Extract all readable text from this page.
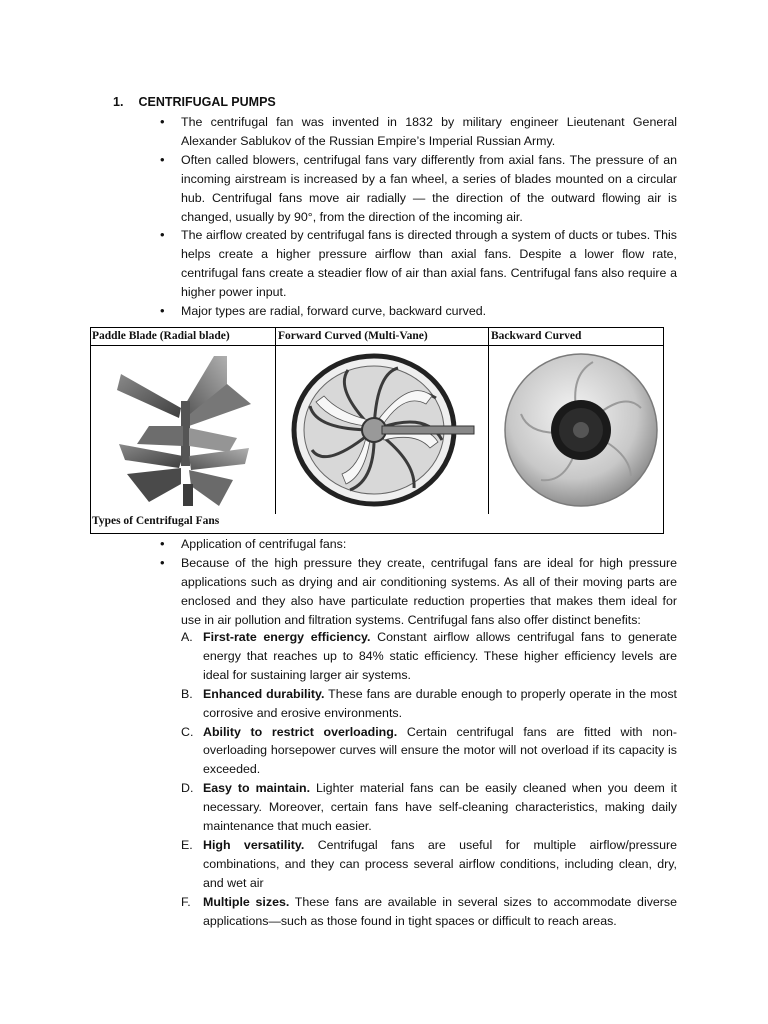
1. CENTRIFUGAL PUMPS
• The centrifugal fan was invented in 1832 by military engineer Lieutenant General Alexander Sablukov of the Russian Empire’s Imperial Russian Army.
• Often called blowers, centrifugal fans vary differently from axial fans. The pressure of an incoming airstream is increased by a fan wheel, a series of blades mounted on a circular hub. Centrifugal fans move air radially — the direction of the outward flowing air is changed, usually by 90°, from the direction of the incoming air.
• The airflow created by centrifugal fans is directed through a system of ducts or tubes. This helps create a higher pressure airflow than axial fans. Despite a lower flow rate, centrifugal fans create a steadier flow of air than axial fans. Centrifugal fans also require a higher power input.
• Major types are radial, forward curve, backward curved.
Paddle Blade (Radial blade)	Forward Curved (Multi-Vane)	Backward Curved
Types of Centrifugal Fans
• Application of centrifugal fans:
• Because of the high pressure they create, centrifugal fans are ideal for high pressure applications such as drying and air conditioning systems. As all of their moving parts are enclosed and they also have particulate reduction properties that makes them ideal for use in air pollution and filtration systems. Centrifugal fans also offer distinct benefits:
A. First-rate energy efficiency. Constant airflow allows centrifugal fans to generate energy that reaches up to 84% static efficiency. These higher efficiency levels are ideal for sustaining larger air systems.
B. Enhanced durability. These fans are durable enough to properly operate in the most corrosive and erosive environments.
C. Ability to restrict overloading. Certain centrifugal fans are fitted with non-overloading horsepower curves will ensure the motor will not overload if its capacity is exceeded.
D. Easy to maintain. Lighter material fans can be easily cleaned when you deem it necessary. Moreover, certain fans have self-cleaning characteristics, making daily maintenance that much easier.
E. High versatility. Centrifugal fans are useful for multiple airflow/pressure combinations, and they can process several airflow conditions, including clean, dry, and wet air
F. Multiple sizes. These fans are available in several sizes to accommodate diverse applications—such as those found in tight spaces or difficult to reach areas.
